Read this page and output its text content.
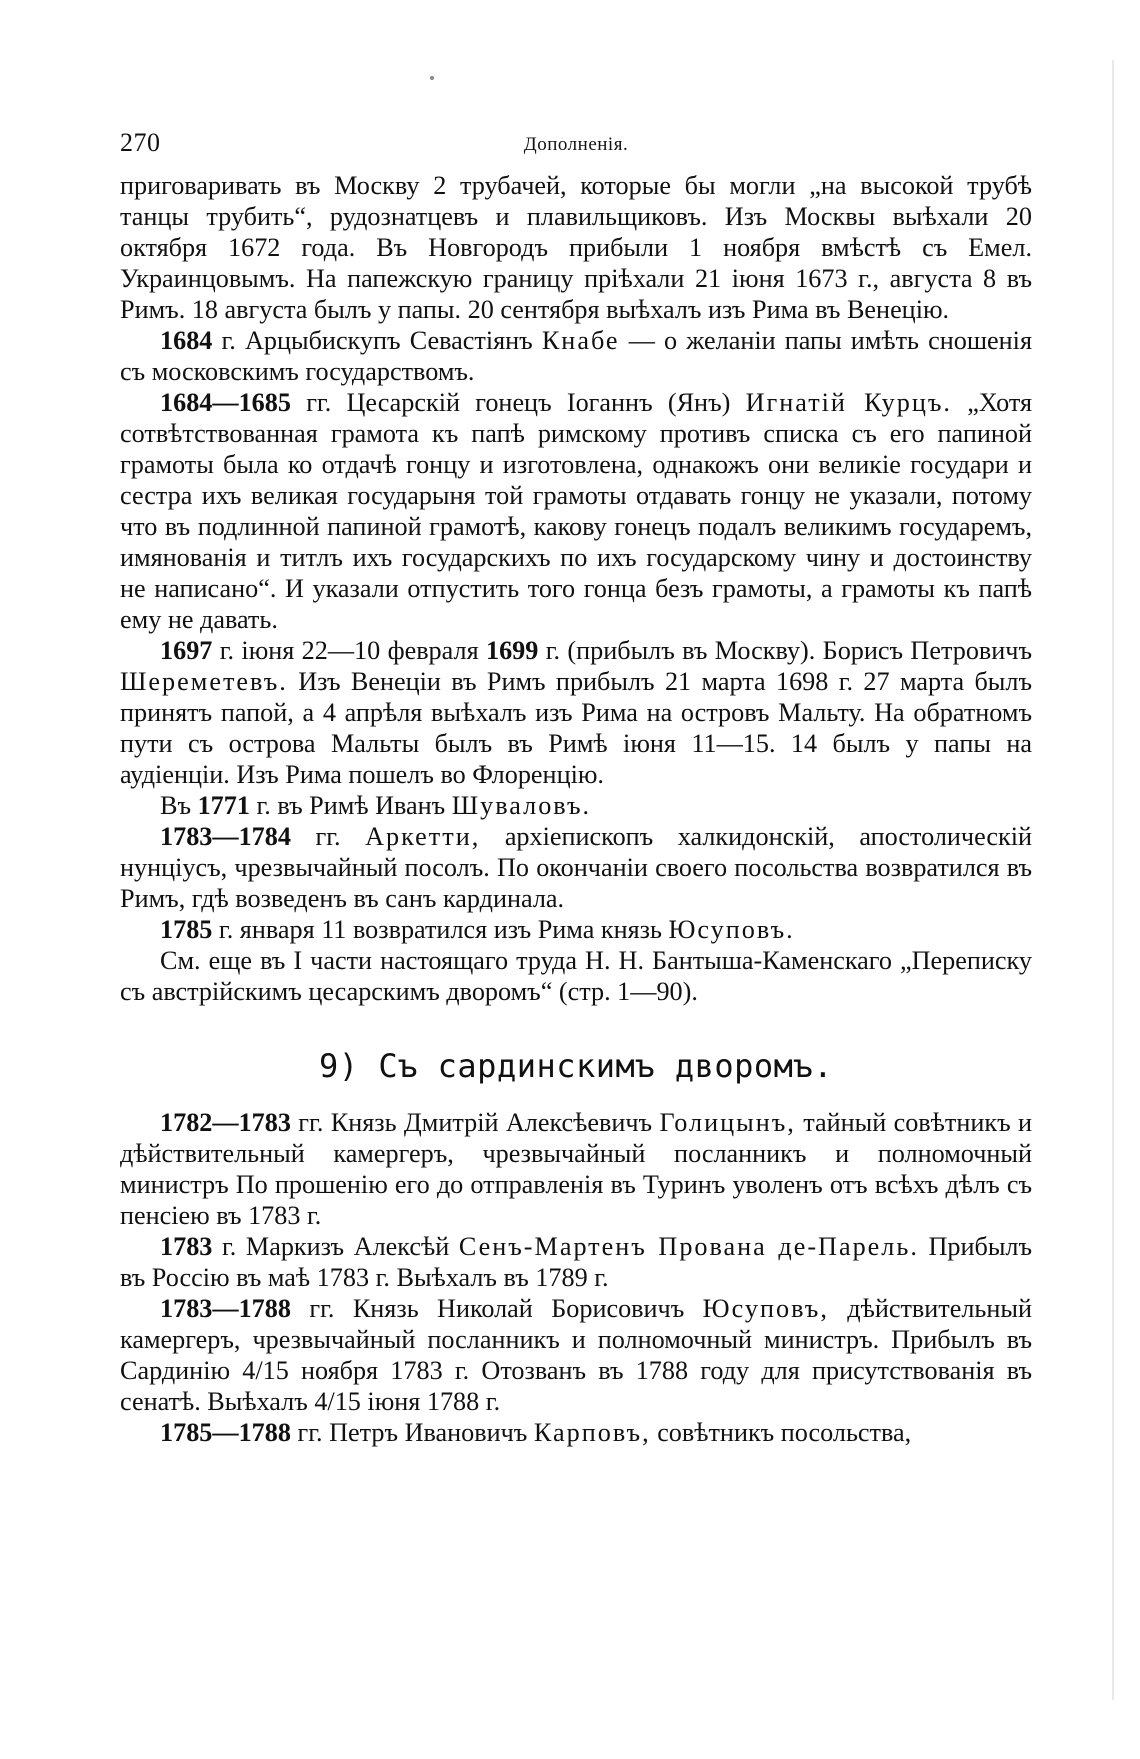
270	Дополненія.

приговаривать въ Москву 2 трубачей, которые бы могли „на высокой трубѣ танцы трубить“, рудознатцевъ и плавильщиковъ. Изъ Москвы выѣхали 20 октября 1672 года. Въ Новгородъ прибыли 1 ноября вмѣстѣ съ Емел. Украинцовымъ. На папежскую границу пріѣхали 21 іюня 1673 г., августа 8 въ Римъ. 18 августа былъ у папы. 20 сентября выѣхалъ изъ Рима въ Венецію.

1684 г. Арцыбискупъ Севастіянъ Кнабе — о желаніи папы имѣть сношенія съ московскимъ государствомъ.

1684—1685 гг. Цесарскій гонецъ Іоганнъ (Янъ) Игнатій Курцъ. „Хотя сотвѣтствованная грамота къ папѣ римскому противъ списка съ его папиной грамоты была ко отдачѣ гонцу и изготовлена, однакожъ они великіе государи и сестра ихъ великая государыня той грамоты отдавать гонцу не указали, потому что въ подлинной папиной грамотѣ, какову гонецъ подалъ великимъ государемъ, имянованія и титлъ ихъ государскихъ по ихъ государскому чину и достоинству не написано“. И указали отпустить того гонца безъ грамоты, а грамоты къ папѣ ему не давать.

1697 г. іюня 22—10 февраля 1699 г. (прибылъ въ Москву). Борисъ Петровичъ Шереметевъ. Изъ Венеціи въ Римъ прибылъ 21 марта 1698 г. 27 марта былъ принятъ папой, а 4 апрѣля выѣхалъ изъ Рима на островъ Мальту. На обратномъ пути съ острова Мальты былъ въ Римѣ іюня 11—15. 14 былъ у папы на аудіенціи. Изъ Рима пошелъ во Флоренцію.

Въ 1771 г. въ Римѣ Иванъ Шуваловъ.

1783—1784 гг. Аркетти, архіепископъ халкидонскій, апостолическій нунціусъ, чрезвычайный посолъ. По окончаніи своего посольства возвратился въ Римъ, гдѣ возведенъ въ санъ кардинала.

1785 г. января 11 возвратился изъ Рима князь Юсуповъ.

См. еще въ I части настоящаго труда Н. Н. Бантыша-Каменскаго „Переписку съ австрійскимъ цесарскимъ дворомъ“ (стр. 1—90).

9) Съ сардинскимъ дворомъ.

1782—1783 гг. Князь Дмитрій Алексѣевичъ Голицынъ, тайный совѣтникъ и дѣйствительный камергеръ, чрезвычайный посланникъ и полномочный министръ По прошенію его до отправленія въ Туринъ уволенъ отъ всѣхъ дѣлъ съ пенсіею въ 1783 г.

1783 г. Маркизъ Алексѣй Сенъ-Мартенъ Прована де-Парель. Прибылъ въ Россію въ маѣ 1783 г. Выѣхалъ въ 1789 г.

1783—1788 гг. Князь Николай Борисовичъ Юсуповъ, дѣйствительный камергеръ, чрезвычайный посланникъ и полномочный министръ. Прибылъ въ Сардинію 4/15 ноября 1783 г. Отозванъ въ 1788 году для присутствованія въ сенатѣ. Выѣхалъ 4/15 іюня 1788 г.

1785—1788 гг. Петръ Ивановичъ Карповъ, совѣтникъ посольства,
